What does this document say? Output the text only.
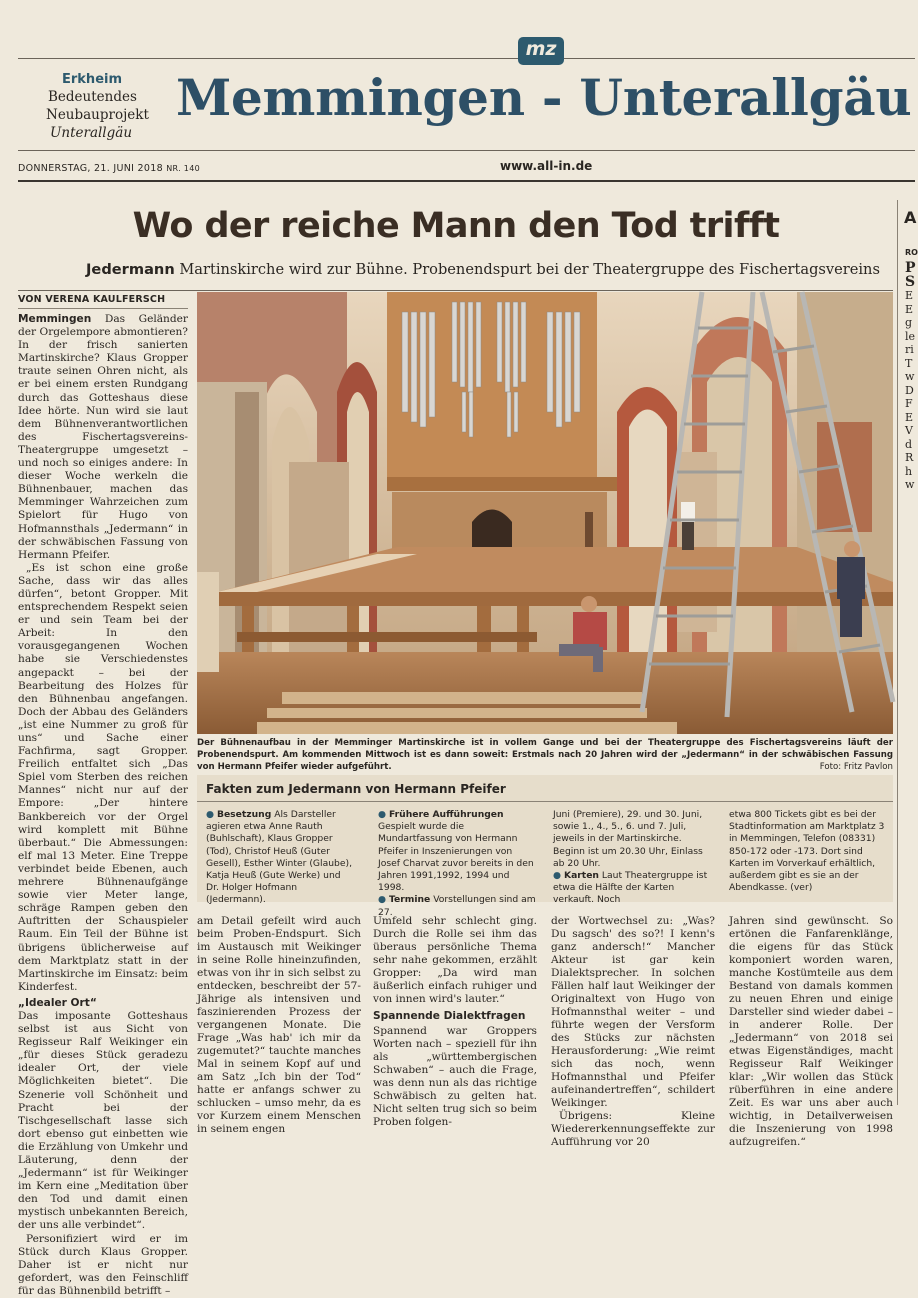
mz
Erkheim
Bedeutendes
Neubauprojekt
Unterallgäu
Memmingen - Unterallgäu
DONNERSTAG, 21. JUNI 2018 NR. 140	www.all-in.de
Wo der reiche Mann den Tod trifft
Jedermann Martinskirche wird zur Bühne. Probenendspurt bei der Theatergruppe des Fischertagsvereins
VON VERENA KAULFERSCH

Memmingen Das Geländer der Orgelempore abmontieren? In der frisch sanierten Martinskirche? Klaus Gropper traute seinen Ohren nicht, als er bei einem ersten Rundgang durch das Gotteshaus diese Idee hörte. Nun wird sie laut dem Bühnenverantwortlichen des Fischertagsvereins-Theatergruppe umgesetzt – und noch so einiges andere: In dieser Woche werkeln die Bühnenbauer, machen das Memminger Wahrzeichen zum Spielort für Hugo von Hofmannsthals „Jedermann“ in der schwäbischen Fassung von Hermann Pfeifer.

„Es ist schon eine große Sache, dass wir das alles dürfen“, betont Gropper. Mit entsprechendem Respekt seien er und sein Team bei der Arbeit: In den vorausgegangenen Wochen habe sie Verschiedenstes angepackt – bei der Bearbeitung des Holzes für den Bühnenbau angefangen. Doch der Abbau des Geländers „ist eine Nummer zu groß für uns“ und Sache einer Fachfirma, sagt Gropper. Freilich entfaltet sich „Das Spiel vom Sterben des reichen Mannes“ nicht nur auf der Empore: „Der hintere Bankbereich vor der Orgel wird komplett mit Bühne überbaut.“ Die Abmessungen: elf mal 13 Meter. Eine Treppe verbindet beide Ebenen, auch mehrere Bühnenaufgänge sowie vier Meter lange, schräge Rampen geben den Auftritten der Schauspieler Raum. Ein Teil der Bühne ist übrigens üblicherweise auf dem Marktplatz statt in der Martinskirche im Einsatz: beim Kinderfest.

„Idealer Ort“

Das imposante Gotteshaus selbst ist aus Sicht von Regisseur Ralf Weikinger ein „für dieses Stück geradezu idealer Ort, der viele Möglichkeiten bietet“. Die Szenerie voll Schönheit und Pracht bei der Tischgesellschaft lasse sich dort ebenso gut einbetten wie die Erzählung von Umkehr und Läuterung, denn der „Jedermann“ ist für Weikinger im Kern eine „Meditation über den Tod und damit einen mystisch unbekannten Bereich, der uns alle verbindet“.

Personifiziert wird er im Stück durch Klaus Gropper. Daher ist er nicht nur gefordert, was den Feinschliff für das Bühnenbild betrifft –

Der Bühnenaufbau in der Memminger Martinskirche ist in vollem Gange und bei der Theatergruppe des Fischertagsvereins läuft der Probenendspurt. Am kommenden Mittwoch ist es dann soweit: Erstmals nach 20 Jahren wird der „Jedermann“ in der schwäbischen Fassung von Hermann Pfeifer wieder aufgeführt.	Foto: Fritz Pavlon
Fakten zum Jedermann von Hermann Pfeifer
● Besetzung Als Darsteller agieren etwa Anne Rauth (Buhlschaft), Klaus Gropper (Tod), Christof Heuß (Guter Gesell), Esther Winter (Glaube), Katja Heuß (Gute Werke) und Dr. Holger Hofmann (Jedermann).
● Frühere Aufführungen Gespielt wurde die Mundartfassung von Hermann Pfeifer in Inszenierungen von Josef Charvat zuvor bereits in den Jahren 1991,1992, 1994 und 1998.
● Termine Vorstellungen sind am 27.
Juni (Premiere), 29. und 30. Juni, sowie 1., 4., 5., 6. und 7. Juli, jeweils in der Martinskirche. Beginn ist um 20.30 Uhr, Einlass ab 20 Uhr.
● Karten Laut Theatergruppe ist etwa die Hälfte der Karten verkauft. Noch
etwa 800 Tickets gibt es bei der Stadtinformation am Marktplatz 3 in Memmingen, Telefon (08331) 850-172 oder -173. Dort sind Karten im Vorverkauf erhältlich, außerdem gibt es sie an der Abendkasse. (ver)
am Detail gefeilt wird auch beim Proben-Endspurt. Sich im Austausch mit Weikinger in seine Rolle hineinzufinden, etwas von ihr in sich selbst zu entdecken, beschreibt der 57-Jährige als intensiven und faszinierenden Prozess der vergangenen Monate. Die Frage „Was hab' ich mir da zugemutet?“ tauchte manches Mal in seinem Kopf auf und am Satz „Ich bin der Tod“ hatte er anfangs schwer zu schlucken – umso mehr, da es vor Kurzem einem Menschen in seinem engen
Umfeld sehr schlecht ging. Durch die Rolle sei ihm das überaus persönliche Thema sehr nahe gekommen, erzählt Gropper: „Da wird man äußerlich einfach ruhiger und von innen wird's lauter.“
Spannende Dialektfragen
Spannend war Groppers Worten nach – speziell für ihn als „württembergischen Schwaben“ – auch die Frage, was denn nun als das richtige Schwäbisch zu gelten hat. Nicht selten trug sich so beim Proben folgen-
der Wortwechsel zu: „Was? Du sagsch' des so?! I kenn's ganz andersch!“ Mancher Akteur ist gar kein Dialektsprecher. In solchen Fällen half laut Weikinger der Originaltext von Hugo von Hofmannsthal weiter – und führte wegen der Versform des Stücks zur nächsten Herausforderung: „Wie reimt sich das noch, wenn Hofmannsthal und Pfeifer aufeinandertreffen“, schildert Weikinger.
Übrigens: Kleine Wiedererkennungseffekte zur Aufführung vor 20
Jahren sind gewünscht. So ertönen die Fanfarenklänge, die eigens für das Stück komponiert worden waren, manche Kostümteile aus dem Bestand von damals kommen zu neuen Ehren und einige Darsteller sind wieder dabei – in anderer Rolle. Der „Jedermann“ von 2018 sei etwas Eigenständiges, macht Regisseur Ralf Weikinger klar: „Wir wollen das Stück rüberführen in eine andere Zeit. Es war uns aber auch wichtig, in Detailverweisen die Inszenierung von 1998 aufzugreifen.“
A
RO
P
S
E
E
g
le
ri
T
w
D
F
E
V
d
R
h
w
